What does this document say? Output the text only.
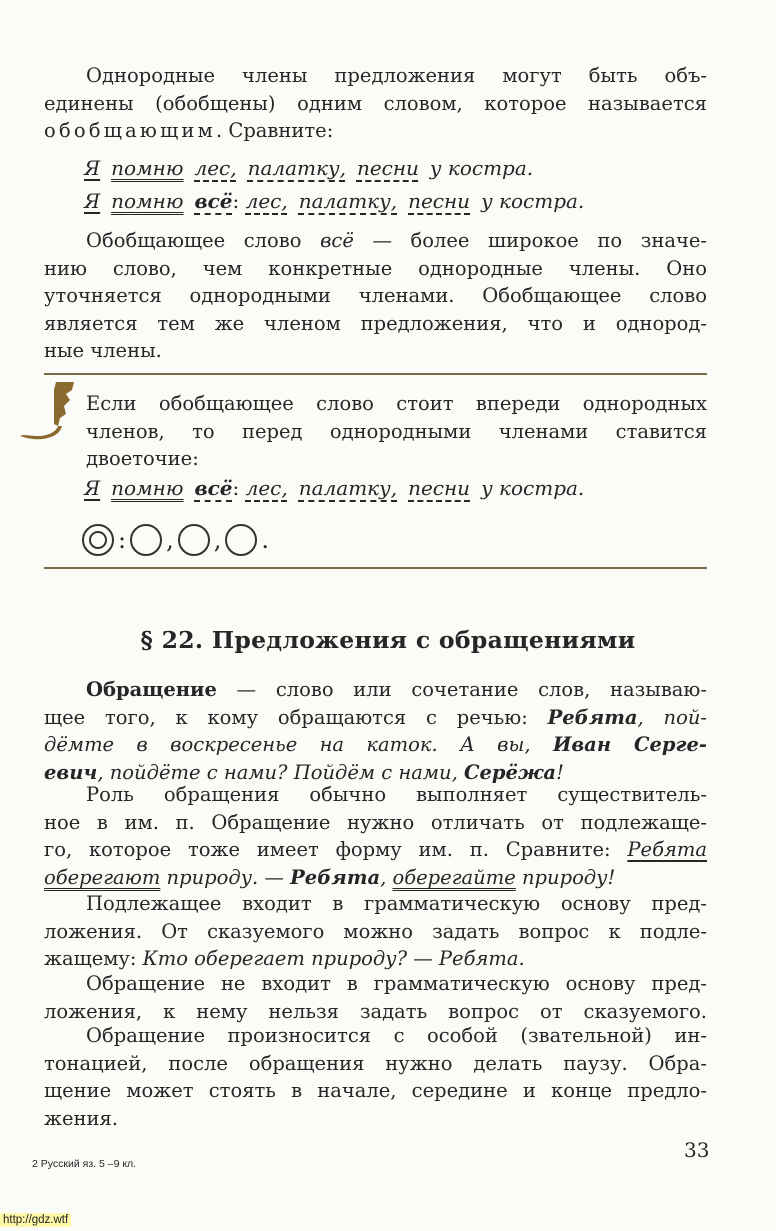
Однородные члены предложения могут быть объ-
единены (обобщены) одним словом, которое называется
обобщающим. Сравните:
Я помню лес, палатку, песни у костра.
Я помню всё: лес, палатку, песни у костра.
Обобщающее слово всё — более широкое по значе-
нию слово, чем конкретные однородные члены. Оно
уточняется однородными членами. Обобщающее слово
является тем же членом предложения, что и однород-
ные члены.
Если обобщающее слово стоит впереди однородных
членов, то перед однородными членами ставится
двоеточие:
Я помню всё: лес, палатку, песни у костра.
: , , .
§ 22. Предложения с обращениями
Обращение — слово или сочетание слов, называю-
щее того, к кому обращаются с речью: Ребята, пой-
дёмте в воскресенье на каток. А вы, Иван Серге-
евич, пойдёте с нами? Пойдём с нами, Серёжа!
Роль обращения обычно выполняет существитель-
ное в им. п. Обращение нужно отличать от подлежаще-
го, которое тоже имеет форму им. п. Сравните: Ребята
оберегают природу. — Ребята, оберегайте природу!
Подлежащее входит в грамматическую основу пред-
ложения. От сказуемого можно задать вопрос к подле-
жащему: Кто оберегает природу? — Ребята.
Обращение не входит в грамматическую основу пред-
ложения, к нему нельзя задать вопрос от сказуемого.
Обращение произносится с особой (звательной) ин-
тонацией, после обращения нужно делать паузу. Обра-
щение может стоять в начале, середине и конце предло-
жения.
33
2 Русский яз. 5 –9 кл.
http://gdz.wtf
